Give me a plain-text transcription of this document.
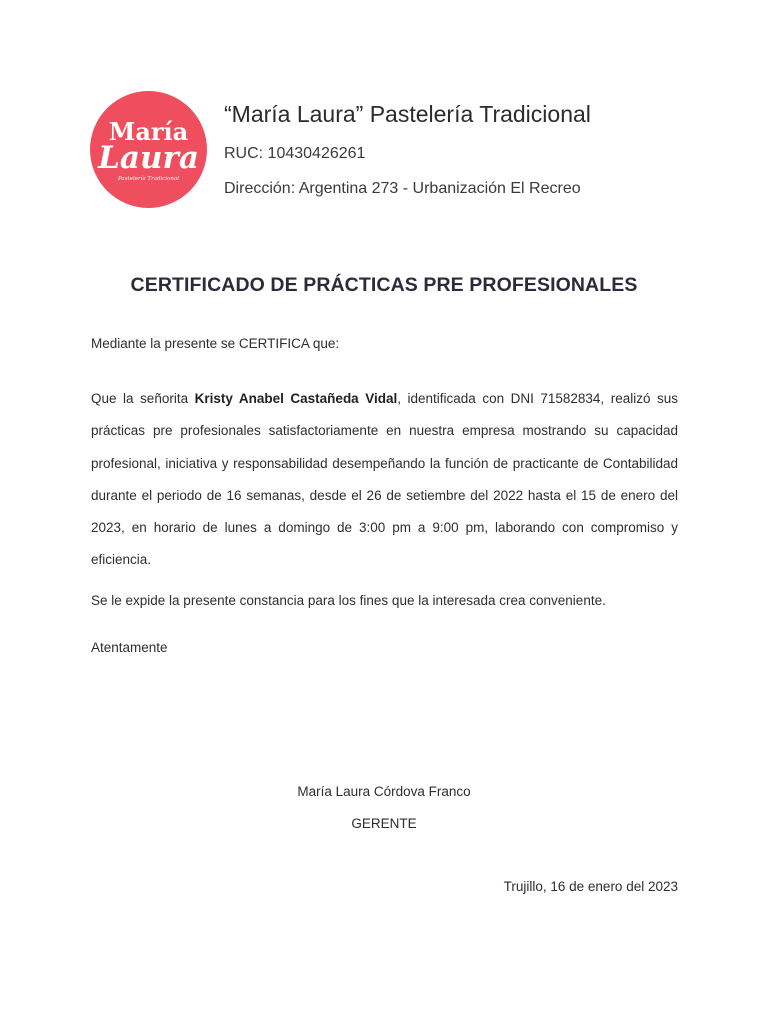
María
Laura
Pastelería Tradicional
“María Laura” Pastelería Tradicional
RUC: 10430426261
Dirección: Argentina 273 - Urbanización El Recreo
CERTIFICADO DE PRÁCTICAS PRE PROFESIONALES

Mediante la presente se CERTIFICA que:

Que la señorita Kristy Anabel Castañeda Vidal, identificada con DNI 71582834, realizó sus prácticas pre profesionales satisfactoriamente en nuestra empresa mostrando su capacidad profesional, iniciativa y responsabilidad desempeñando la función de practicante de Contabilidad durante el periodo de 16 semanas, desde el 26 de setiembre del 2022 hasta el 15 de enero del 2023, en horario de lunes a domingo de 3:00 pm a 9:00 pm, laborando con compromiso y eficiencia.

Se le expide la presente constancia para los fines que la interesada crea conveniente.

Atentamente

María Laura Córdova Franco
GERENTE
Trujillo, 16 de enero del 2023
